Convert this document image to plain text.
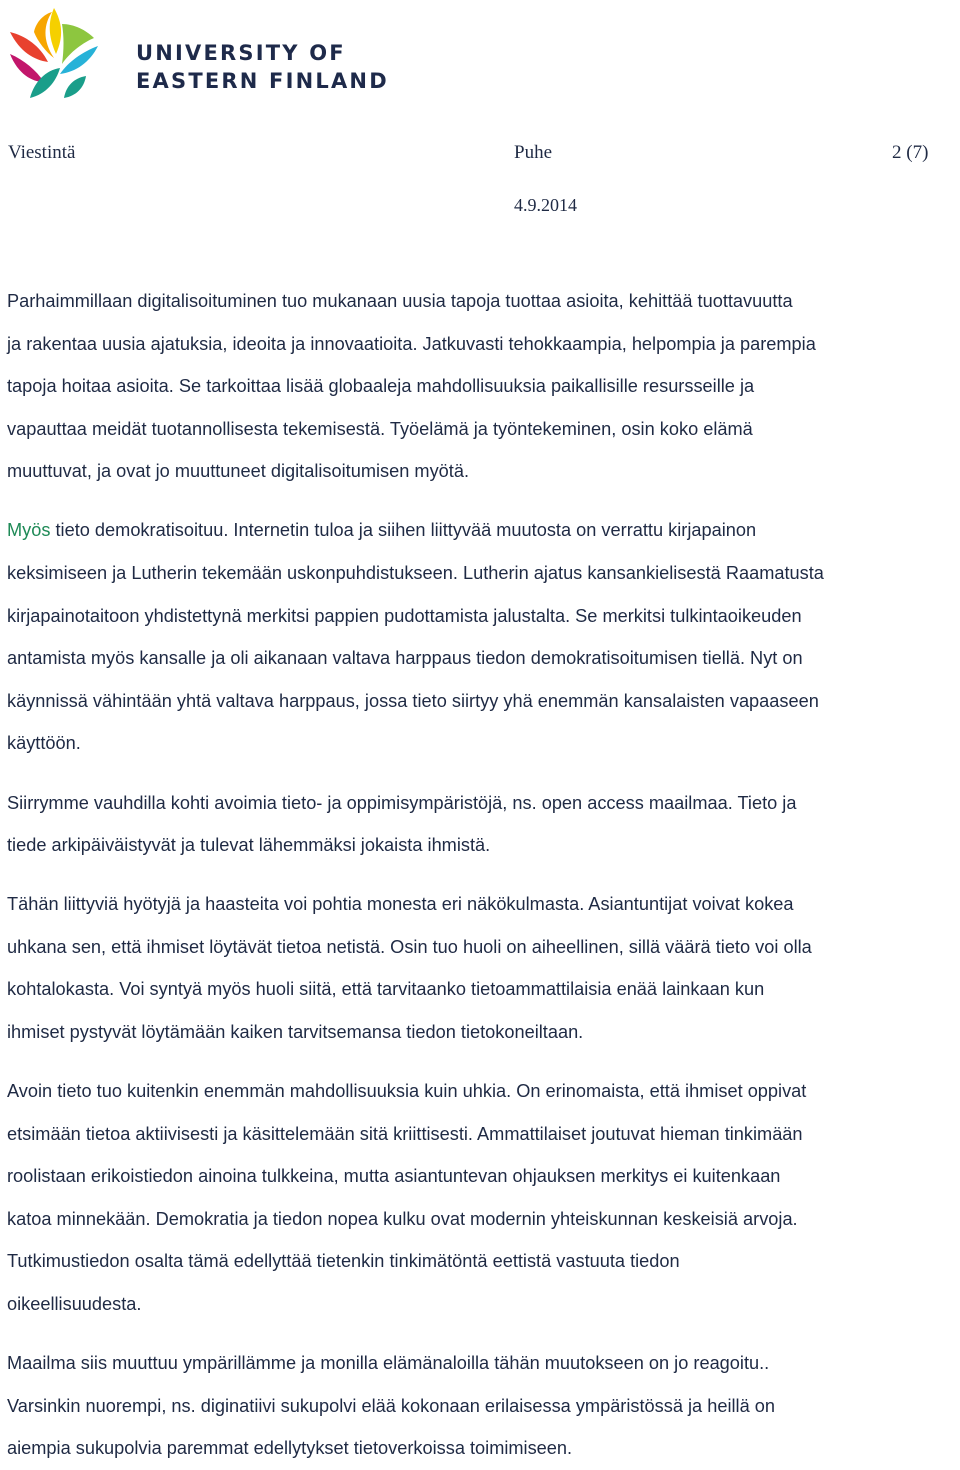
UNIVERSITY OF
EASTERN FINLAND
Viestintä	Puhe	2 (7)
4.9.2014

Parhaimmillaan digitalisoituminen tuo mukanaan uusia tapoja tuottaa asioita, kehittää tuottavuutta
ja rakentaa uusia ajatuksia, ideoita ja innovaatioita. Jatkuvasti tehokkaampia, helpompia ja parempia
tapoja hoitaa asioita. Se tarkoittaa lisää globaaleja mahdollisuuksia paikallisille resursseille ja
vapauttaa meidät tuotannollisesta tekemisestä. Työelämä ja työntekeminen, osin koko elämä
muuttuvat, ja ovat jo muuttuneet digitalisoitumisen myötä.

Myös tieto demokratisoituu. Internetin tuloa ja siihen liittyvää muutosta on verrattu kirjapainon
keksimiseen ja Lutherin tekemään uskonpuhdistukseen. Lutherin ajatus kansankielisestä Raamatusta
kirjapainotaitoon yhdistettynä merkitsi pappien pudottamista jalustalta. Se merkitsi tulkintaoikeuden
antamista myös kansalle ja oli aikanaan valtava harppaus tiedon demokratisoitumisen tiellä. Nyt on
käynnissä vähintään yhtä valtava harppaus, jossa tieto siirtyy yhä enemmän kansalaisten vapaaseen
käyttöön.

Siirrymme vauhdilla kohti avoimia tieto- ja oppimisympäristöjä, ns. open access maailmaa. Tieto ja
tiede arkipäiväistyvät ja tulevat lähemmäksi jokaista ihmistä.

Tähän liittyviä hyötyjä ja haasteita voi pohtia monesta eri näkökulmasta. Asiantuntijat voivat kokea
uhkana sen, että ihmiset löytävät tietoa netistä. Osin tuo huoli on aiheellinen, sillä väärä tieto voi olla
kohtalokasta. Voi syntyä myös huoli siitä, että tarvitaanko tietoammattilaisia enää lainkaan kun
ihmiset pystyvät löytämään kaiken tarvitsemansa tiedon tietokoneiltaan.

Avoin tieto tuo kuitenkin enemmän mahdollisuuksia kuin uhkia. On erinomaista, että ihmiset oppivat
etsimään tietoa aktiivisesti ja käsittelemään sitä kriittisesti. Ammattilaiset joutuvat hieman tinkimään
roolistaan erikoistiedon ainoina tulkkeina, mutta asiantuntevan ohjauksen merkitys ei kuitenkaan
katoa minnekään. Demokratia ja tiedon nopea kulku ovat modernin yhteiskunnan keskeisiä arvoja.
Tutkimustiedon osalta tämä edellyttää tietenkin tinkimätöntä eettistä vastuuta tiedon
oikeellisuudesta.

Maailma siis muuttuu ympärillämme ja monilla elämänaloilla tähän muutokseen on jo reagoitu..
Varsinkin nuorempi, ns. diginatiivi sukupolvi elää kokonaan erilaisessa ympäristössä ja heillä on
aiempia sukupolvia paremmat edellytykset tietoverkoissa toimimiseen.
